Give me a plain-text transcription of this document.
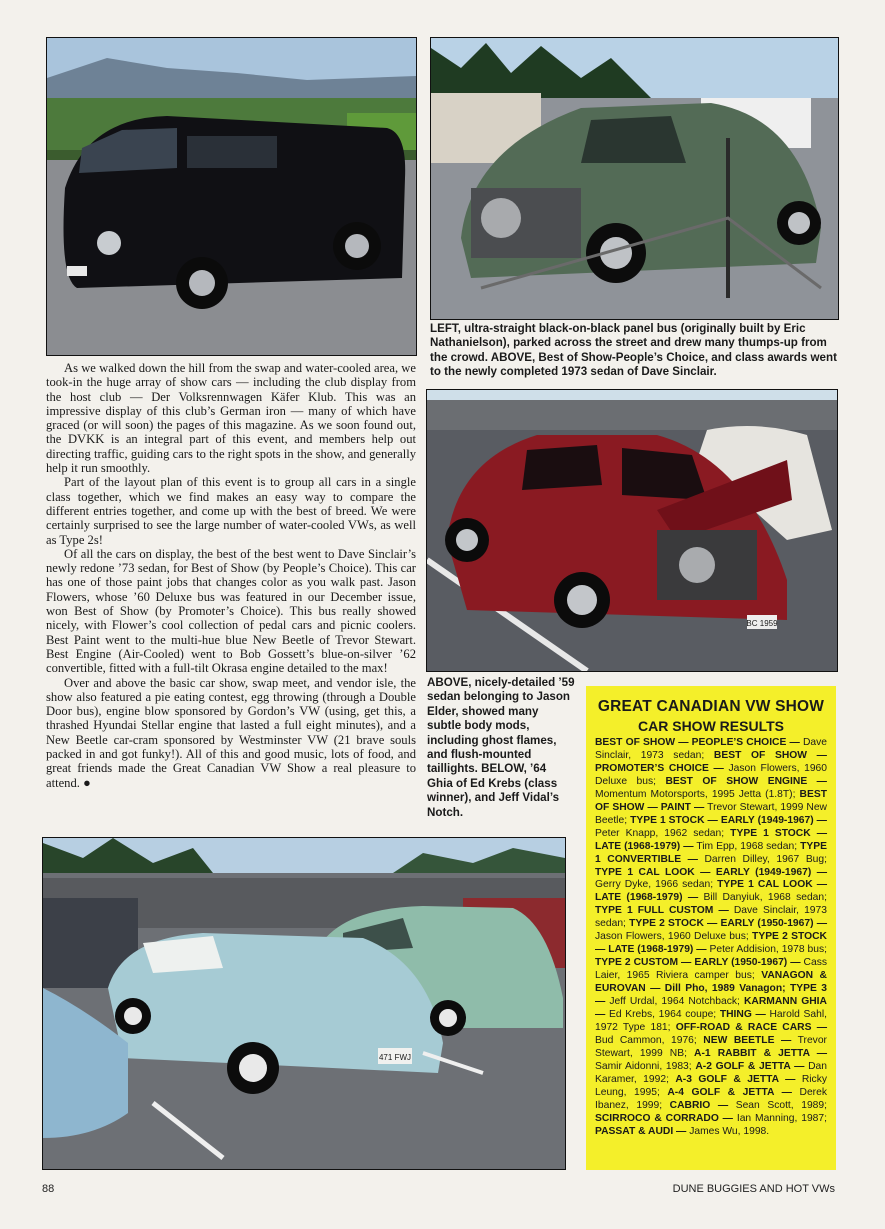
LEFT, ultra-straight black-on-black panel bus (originally built by Eric Nathanielson), parked across the street and drew many thumps-up from the crowd. ABOVE, Best of Show-People’s Choice, and class awards went to the newly completed 1973 sedan of Dave Sinclair.
BC 1959
ABOVE, nicely-detailed ’59 sedan belonging to Jason Elder, showed many subtle body mods, including ghost flames, and flush-mounted taillights. BELOW, ’64 Ghia of Ed Krebs (class winner), and Jeff Vidal’s Notch.

As we walked down the hill from the swap and water-cooled area, we took-in the huge array of show cars — including the club display from the host club — Der Volksrennwagen Käfer Klub. This was an impressive display of this club’s German iron — many of which have graced (or will soon) the pages of this magazine. As we soon found out, the DVKK is an integral part of this event, and members help out directing traffic, guiding cars to the right spots in the show, and generally help it run smoothly.

Part of the layout plan of this event is to group all cars in a single class together, which we find makes an easy way to compare the different entries together, and come up with the best of breed. We were certainly surprised to see the large number of water-cooled VWs, as well as Type 2s!

Of all the cars on display, the best of the best went to Dave Sinclair’s newly redone ’73 sedan, for Best of Show (by People’s Choice). This car has one of those paint jobs that changes color as you walk past. Jason Flowers, whose ’60 Deluxe bus was featured in our December issue, won Best of Show (by Promoter’s Choice). This bus really showed nicely, with Flower’s cool collection of pedal cars and picnic coolers. Best Paint went to the multi-hue blue New Beetle of Trevor Stewart. Best Engine (Air-Cooled) went to Bob Gossett’s blue-on-silver ’62 convertible, fitted with a full-tilt Okrasa engine detailed to the max!

Over and above the basic car show, swap meet, and vendor isle, the show also featured a pie eating contest, egg throwing (through a Double Door bus), engine blow sponsored by Gordon’s VW (using, get this, a thrashed Hyundai Stellar engine that lasted a full eight minutes), and a New Beetle car-cram sponsored by Westminster VW (21 brave souls packed in and got funky!). All of this and good music, lots of food, and great friends made the Great Canadian VW Show a real pleasure to attend. ●

471 FWJ
GREAT CANADIAN VW SHOW
CAR SHOW RESULTS
BEST OF SHOW — PEOPLE’S CHOICE — Dave Sinclair, 1973 sedan; BEST OF SHOW — PROMOTER’S CHOICE — Jason Flowers, 1960 Deluxe bus; BEST OF SHOW ENGINE — Momentum Motorsports, 1995 Jetta (1.8T); BEST OF SHOW — PAINT — Trevor Stewart, 1999 New Beetle; TYPE 1 STOCK — EARLY (1949-1967) — Peter Knapp, 1962 sedan; TYPE 1 STOCK — LATE (1968-1979) — Tim Epp, 1968 sedan; TYPE 1 CONVERTIBLE — Darren Dilley, 1967 Bug; TYPE 1 CAL LOOK — EARLY (1949-1967) — Gerry Dyke, 1966 sedan; TYPE 1 CAL LOOK — LATE (1968-1979) — Bill Danyiuk, 1968 sedan; TYPE 1 FULL CUSTOM — Dave Sinclair, 1973 sedan; TYPE 2 STOCK — EARLY (1950-1967) — Jason Flowers, 1960 Deluxe bus; TYPE 2 STOCK — LATE (1968-1979) — Peter Addision, 1978 bus; TYPE 2 CUSTOM — EARLY (1950-1967) — Cass Laier, 1965 Riviera camper bus; VANAGON & EUROVAN — Dill Pho, 1989 Vanagon; TYPE 3 — Jeff Urdal, 1964 Notchback; KARMANN GHIA — Ed Krebs, 1964 coupe; THING — Harold Sahl, 1972 Type 181; OFF-ROAD & RACE CARS — Bud Cammon, 1976; NEW BEETLE — Trevor Stewart, 1999 NB; A-1 RABBIT & JETTA — Samir Aidonni, 1983; A-2 GOLF & JETTA — Dan Karamer, 1992; A-3 GOLF & JETTA — Ricky Leung, 1995; A-4 GOLF & JETTA — Derek Ibanez, 1999; CABRIO — Sean Scott, 1989; SCIRROCO & CORRADO — Ian Manning, 1987; PASSAT & AUDI — James Wu, 1998.
88	DUNE BUGGIES AND HOT VWs
